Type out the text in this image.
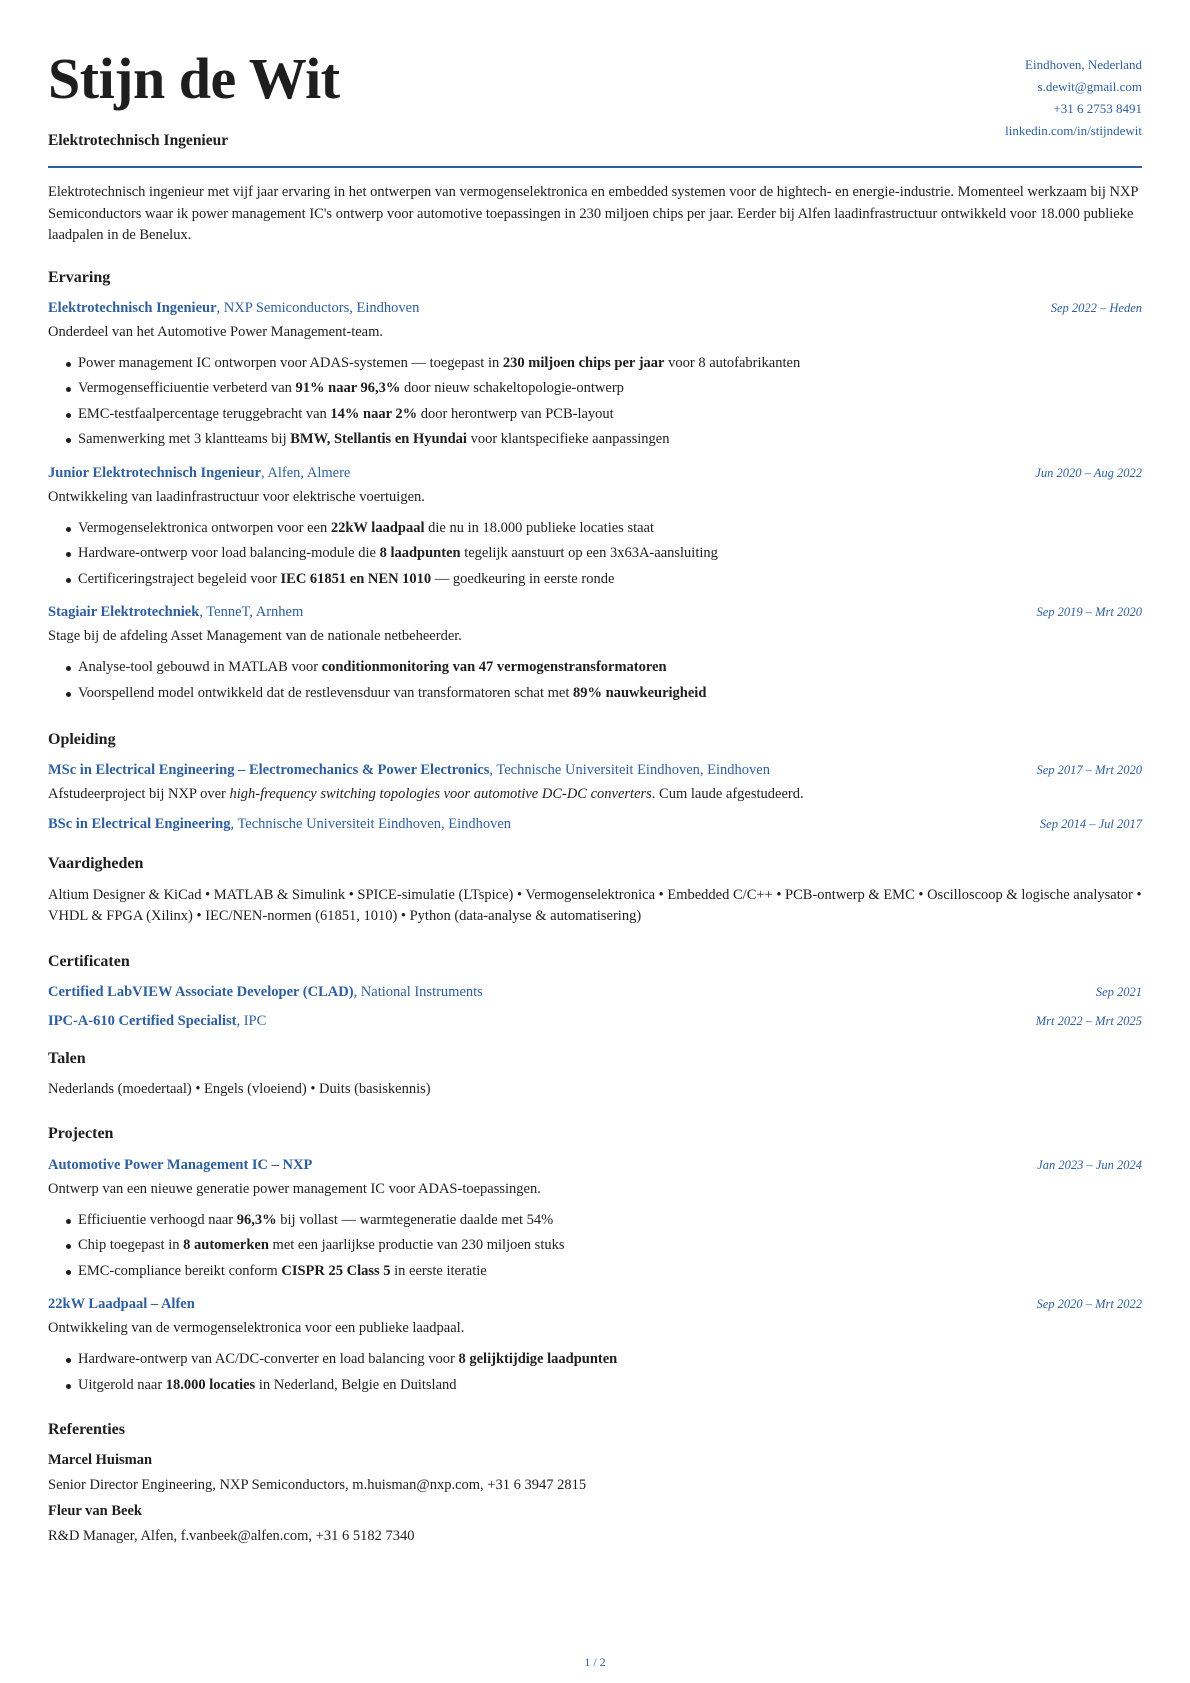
Stijn de Wit
Elektrotechnisch Ingenieur
Eindhoven, Nederland
s.dewit@gmail.com
+31 6 2753 8491
linkedin.com/in/stijndewit

Elektrotechnisch ingenieur met vijf jaar ervaring in het ontwerpen van vermogenselektronica en embedded systemen voor de hightech- en energie-industrie. Momenteel werkzaam bij NXP Semiconductors waar ik power management IC's ontwerp voor automotive toepassingen in 230 miljoen chips per jaar. Eerder bij Alfen laadinfrastructuur ontwikkeld voor 18.000 publieke laadpalen in de Benelux.

Ervaring
Elektrotechnisch Ingenieur, NXP Semiconductors, Eindhoven	Sep 2022 – Heden
Onderdeel van het Automotive Power Management-team.
Power management IC ontworpen voor ADAS-systemen — toegepast in 230 miljoen chips per jaar voor 8 autofabrikanten
Vermogensefficiuentie verbeterd van 91% naar 96,3% door nieuw schakeltopologie-ontwerp
EMC-testfaalpercentage teruggebracht van 14% naar 2% door herontwerp van PCB-layout
Samenwerking met 3 klantteams bij BMW, Stellantis en Hyundai voor klantspecifieke aanpassingen
Junior Elektrotechnisch Ingenieur, Alfen, Almere	Jun 2020 – Aug 2022
Ontwikkeling van laadinfrastructuur voor elektrische voertuigen.
Vermogenselektronica ontworpen voor een 22kW laadpaal die nu in 18.000 publieke locaties staat
Hardware-ontwerp voor load balancing-module die 8 laadpunten tegelijk aanstuurt op een 3x63A-aansluiting
Certificeringstraject begeleid voor IEC 61851 en NEN 1010 — goedkeuring in eerste ronde
Stagiair Elektrotechniek, TenneT, Arnhem	Sep 2019 – Mrt 2020
Stage bij de afdeling Asset Management van de nationale netbeheerder.
Analyse-tool gebouwd in MATLAB voor conditionmonitoring van 47 vermogenstransformatoren
Voorspellend model ontwikkeld dat de restlevensduur van transformatoren schat met 89% nauwkeurigheid
Opleiding
MSc in Electrical Engineering – Electromechanics & Power Electronics, Technische Universiteit Eindhoven, Eindhoven	Sep 2017 – Mrt 2020
Afstudeerproject bij NXP over high-frequency switching topologies voor automotive DC-DC converters. Cum laude afgestudeerd.
BSc in Electrical Engineering, Technische Universiteit Eindhoven, Eindhoven	Sep 2014 – Jul 2017
Vaardigheden

Altium Designer & KiCad • MATLAB & Simulink • SPICE-simulatie (LTspice) • Vermogenselektronica • Embedded C/C++ • PCB-ontwerp & EMC • Oscilloscoop & logische analysator • VHDL & FPGA (Xilinx) • IEC/NEN-normen (61851, 1010) • Python (data-analyse & automatisering)

Certificaten
Certified LabVIEW Associate Developer (CLAD), National Instruments	Sep 2021
IPC-A-610 Certified Specialist, IPC	Mrt 2022 – Mrt 2025
Talen

Nederlands (moedertaal) • Engels (vloeiend) • Duits (basiskennis)

Projecten
Automotive Power Management IC – NXP	Jan 2023 – Jun 2024
Ontwerp van een nieuwe generatie power management IC voor ADAS-toepassingen.
Efficiuentie verhoogd naar 96,3% bij vollast — warmtegeneratie daalde met 54%
Chip toegepast in 8 automerken met een jaarlijkse productie van 230 miljoen stuks
EMC-compliance bereikt conform CISPR 25 Class 5 in eerste iteratie
22kW Laadpaal – Alfen	Sep 2020 – Mrt 2022
Ontwikkeling van de vermogenselektronica voor een publieke laadpaal.
Hardware-ontwerp van AC/DC-converter en load balancing voor 8 gelijktijdige laadpunten
Uitgerold naar 18.000 locaties in Nederland, Belgie en Duitsland
Referenties
Marcel Huisman
Senior Director Engineering, NXP Semiconductors, m.huisman@nxp.com, +31 6 3947 2815
Fleur van Beek
R&D Manager, Alfen, f.vanbeek@alfen.com, +31 6 5182 7340
1 / 2
